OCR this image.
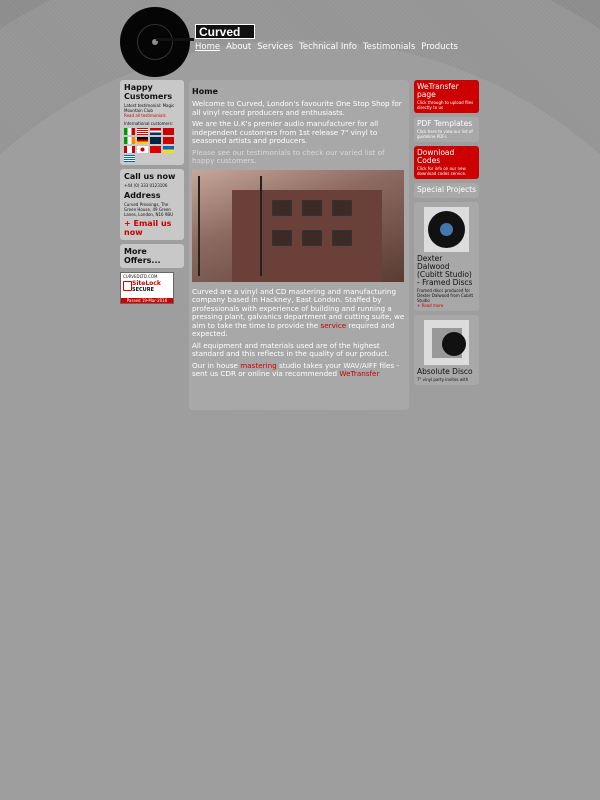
Curved
Home About Services Technical Info Testimonials Products
Happy Customers
Latest testimonial: Magic Mountain Club
Read all testimonials
International customers:
Call us now
+44 (0) 333 0123106
Address
Curved Pressings, The Green House, 49 Green Lanes, London, N16 9BU
+ Email us now
More Offers...
CURVEDLTD.COM
SiteLock
SECURE
Passed 19-Mar-2016
Home

Welcome to Curved, London's favourite One Stop Shop for all vinyl record producers and enthusiasts.

We are the U.K's premier audio manufacturer for all independent customers from 1st release 7" vinyl to seasoned artists and producers.

Please see our testimonials to check our varied list of happy customers.

Curved are a vinyl and CD mastering and manufacturing company based in Hackney, East London. Staffed by professionals with experience of building and running a pressing plant, galvanics department and cutting suite, we aim to take the time to provide the service required and expected.

All equipment and materials used are of the highest standard and this reflects in the quality of our product.

Our in house mastering studio takes your WAV/AIFF files - sent us CDR or online via recommended WeTransfer

WeTransfer page
Click through to upload files directly to us
PDF Templates
Click here to view our list of guideline PDFs
Download Codes
Click for info on our new download codes service.
Special Projects
Dexter Dalwood (Cubitt Studio) - Framed Discs
Framed discs produced for Dexter Dalwood from Cubitt Studio
+ Read more
Absolute Disco
7" vinyl party invites with
